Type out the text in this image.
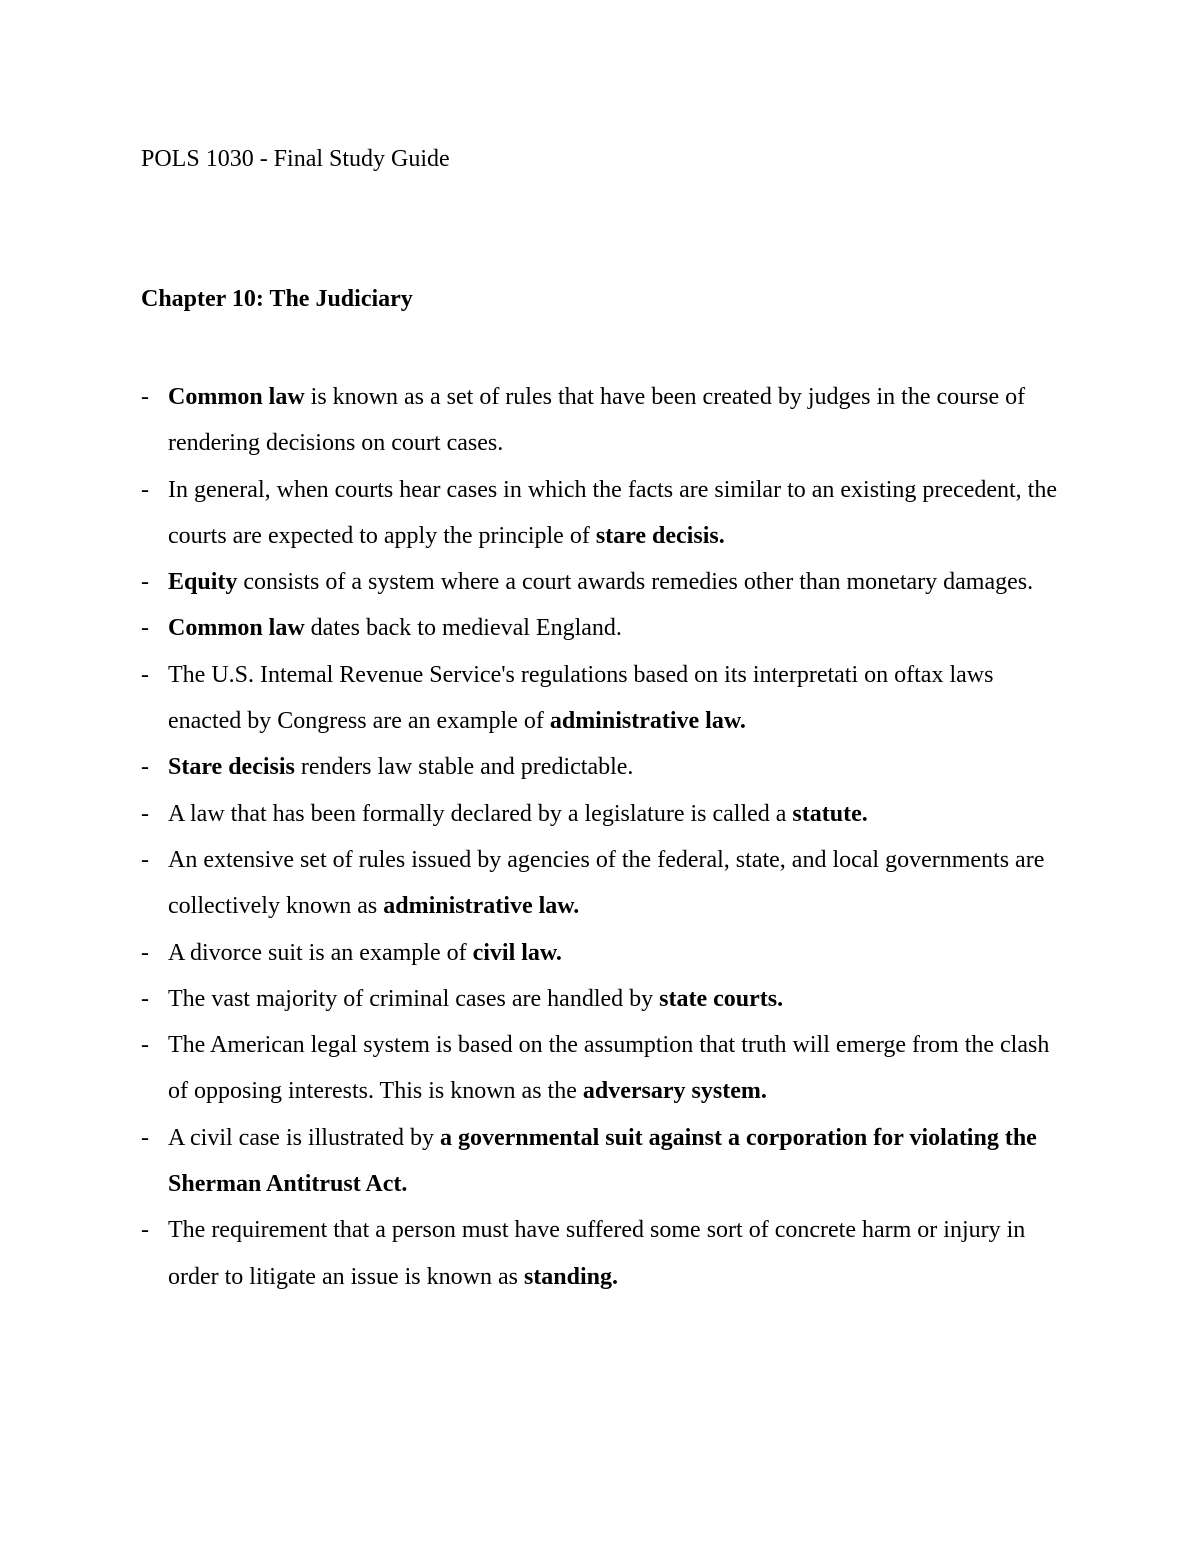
POLS 1030 - Final Study Guide
Chapter 10: The Judiciary
- Common law is known as a set of rules that have been created by judges in the course of rendering decisions on court cases.
- In general, when courts hear cases in which the facts are similar to an existing precedent, the courts are expected to apply the principle of stare decisis.
- Equity consists of a system where a court awards remedies other than monetary damages.
- Common law dates back to medieval England.
- The U.S. Intemal Revenue Service's regulations based on its interpretati on oftax laws enacted by Congress are an example of administrative law.
- Stare decisis renders law stable and predictable.
- A law that has been formally declared by a legislature is called a statute.
- An extensive set of rules issued by agencies of the federal, state, and local governments are collectively known as administrative law.
- A divorce suit is an example of civil law.
- The vast majority of criminal cases are handled by state courts.
- The American legal system is based on the assumption that truth will emerge from the clash of opposing interests. This is known as the adversary system.
- A civil case is illustrated by a governmental suit against a corporation for violating the Sherman Antitrust Act.
- The requirement that a person must have suffered some sort of concrete harm or injury in order to litigate an issue is known as standing.
